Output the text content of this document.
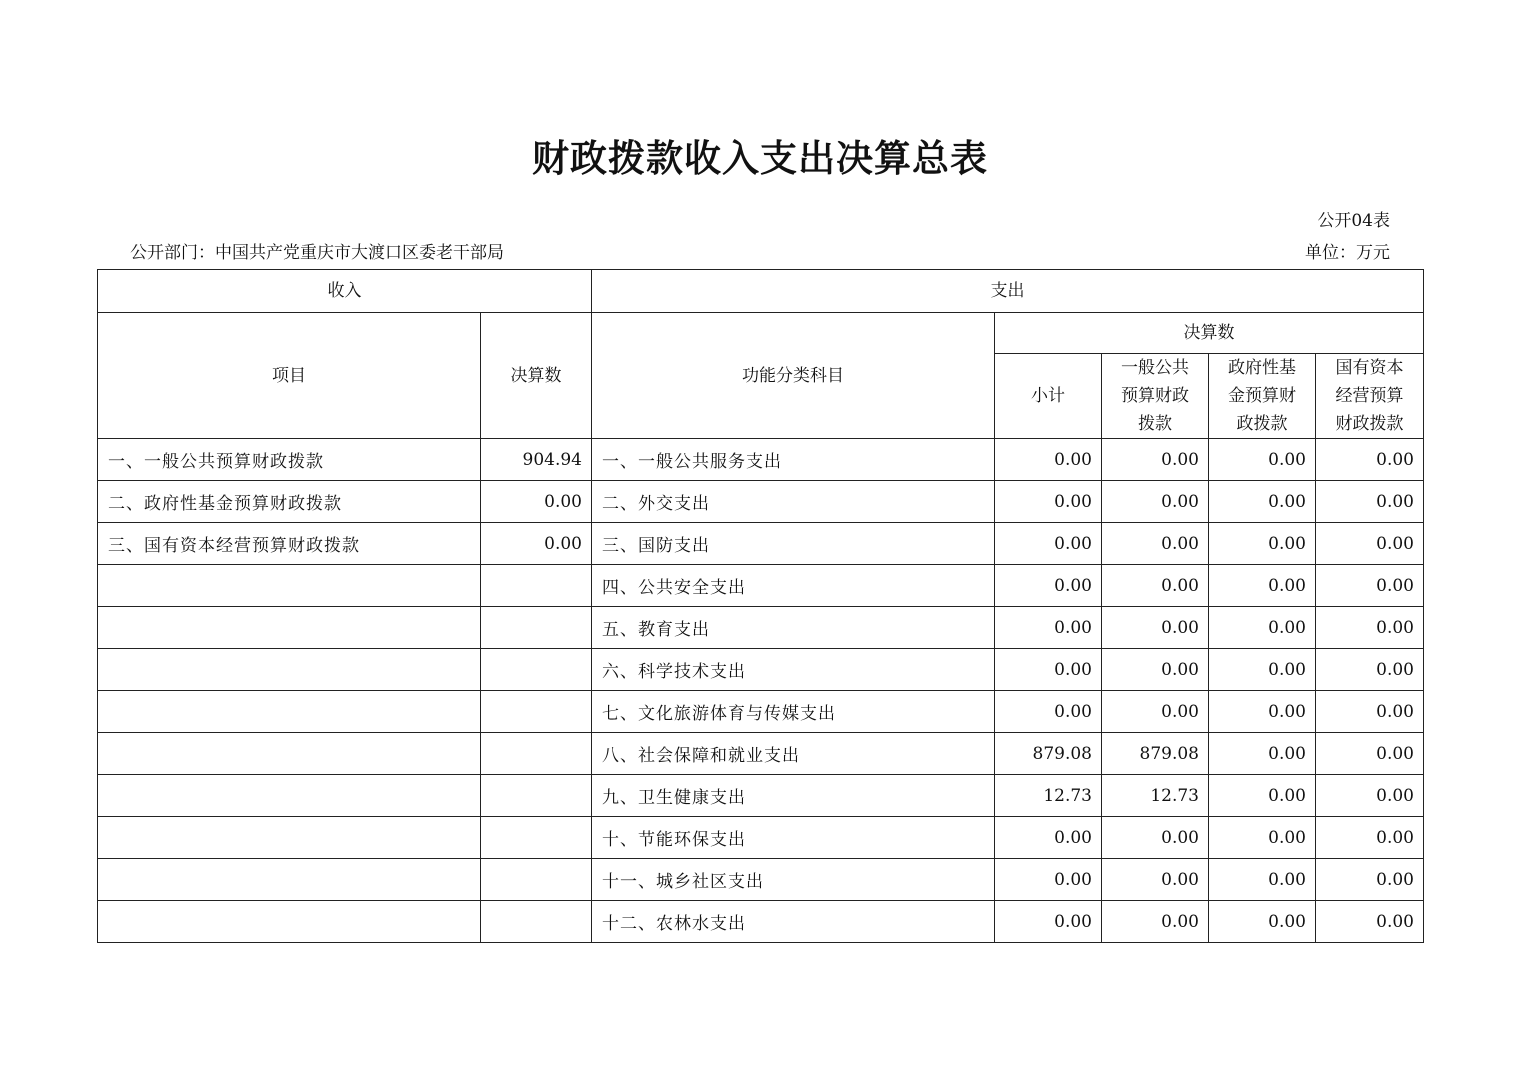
财政拨款收入支出决算总表
公开04表
公开部门：中国共产党重庆市大渡口区委老干部局	单位：万元
收入		支出				
项目	决算数	功能分类科目	决算数			
			小计	一般公共预算财政拨款	政府性基金预算财政拨款	国有资本经营预算财政拨款

一、一般公共预算财政拨款	904.94	一、一般公共服务支出	0.00	0.00	0.00	0.00
二、政府性基金预算财政拨款	0.00	二、外交支出	0.00	0.00	0.00	0.00
三、国有资本经营预算财政拨款	0.00	三、国防支出	0.00	0.00	0.00	0.00
		四、公共安全支出	0.00	0.00	0.00	0.00
		五、教育支出	0.00	0.00	0.00	0.00
		六、科学技术支出	0.00	0.00	0.00	0.00
		七、文化旅游体育与传媒支出	0.00	0.00	0.00	0.00
		八、社会保障和就业支出	879.08	879.08	0.00	0.00
		九、卫生健康支出	12.73	12.73	0.00	0.00
		十、节能环保支出	0.00	0.00	0.00	0.00
		十一、城乡社区支出	0.00	0.00	0.00	0.00
		十二、农林水支出	0.00	0.00	0.00	0.00
